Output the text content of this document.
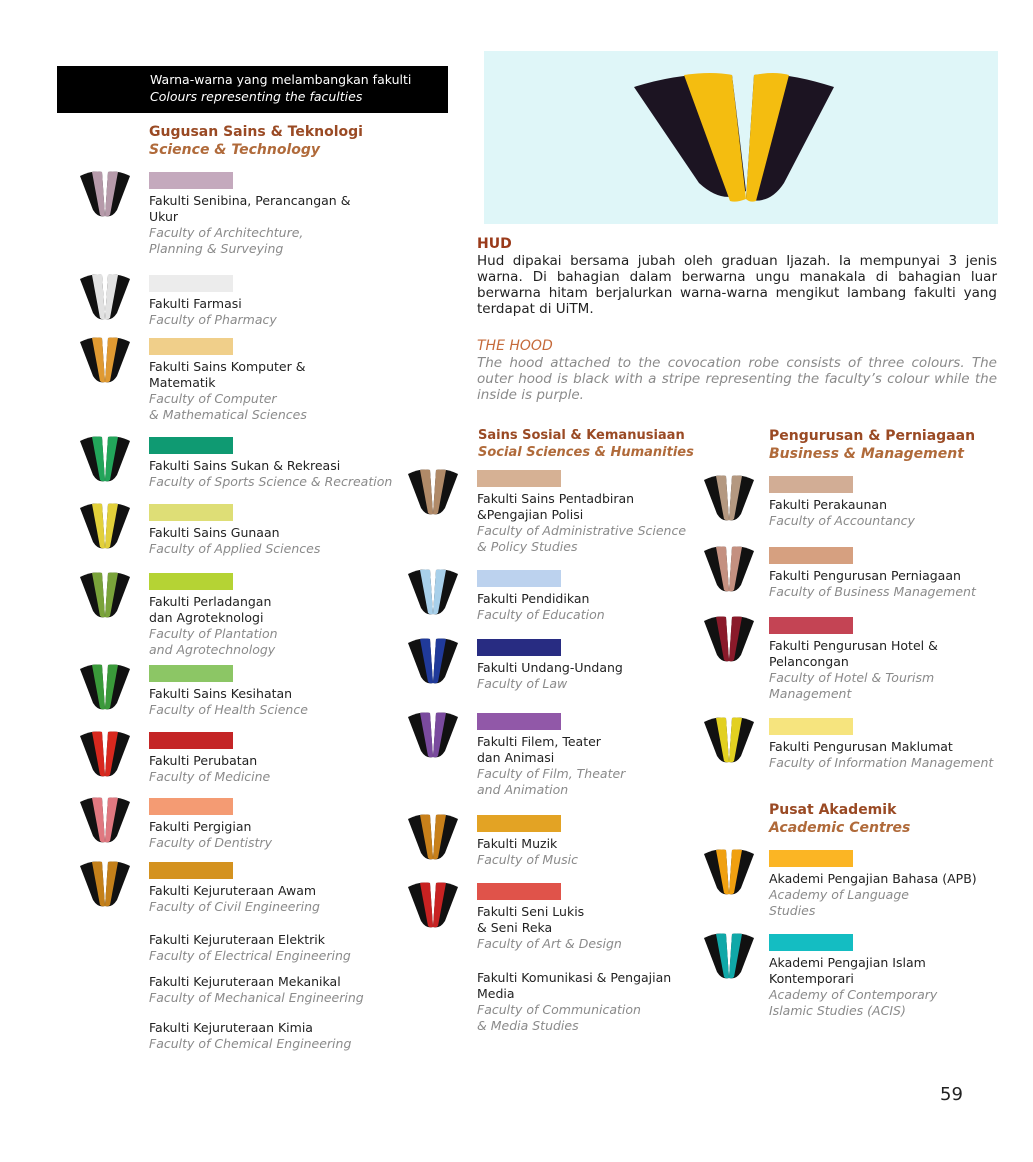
Warna-warna yang melambangkan fakulti
Colours representing the faculties
HUD
Hud dipakai bersama jubah oleh graduan Ijazah. Ia mempunyai 3 jenis warna. Di bahagian dalam berwarna ungu manakala di bahagian luar berwarna hitam berjalurkan warna-warna mengikut lambang fakulti yang terdapat di UiTM.
THE HOOD
The hood attached to the covocation robe consists of three colours. The outer hood is black with a stripe representing the faculty’s colour while the inside is purple.
Gugusan Sains & Teknologi
Science & Technology
Sains Sosial & Kemanusiaan
Social Sciences & Humanities
Pengurusan & Perniagaan
Business & Management
Pusat Akademik
Academic Centres
Fakulti Senibina, Perancangan &
Ukur
Faculty of Architechture,
Planning & Surveying
Fakulti Farmasi
Faculty of Pharmacy
Fakulti Sains Komputer &
Matematik
Faculty of Computer
& Mathematical Sciences
Fakulti Sains Sukan & Rekreasi
Faculty of Sports Science & Recreation
Fakulti Sains Gunaan
Faculty of Applied Sciences
Fakulti Perladangan
dan Agroteknologi
Faculty of Plantation
and Agrotechnology
Fakulti Sains Kesihatan
Faculty of Health Science
Fakulti Perubatan
Faculty of Medicine
Fakulti Pergigian
Faculty of Dentistry
Fakulti Kejuruteraan Awam
Faculty of Civil Engineering
Fakulti Kejuruteraan Elektrik
Faculty of Electrical Engineering
Fakulti Kejuruteraan Mekanikal
Faculty of Mechanical Engineering
Fakulti Kejuruteraan Kimia
Faculty of Chemical Engineering
Fakulti Sains Pentadbiran
&Pengajian Polisi
Faculty of Administrative Science
& Policy Studies
Fakulti Pendidikan
Faculty of Education
Fakulti Undang-Undang
Faculty of Law
Fakulti Filem, Teater
dan Animasi
Faculty of Film, Theater
and Animation
Fakulti Muzik
Faculty of Music
Fakulti Seni Lukis
& Seni Reka
Faculty of Art & Design
Fakulti Komunikasi & Pengajian
Media
Faculty of Communication
& Media Studies
Fakulti Perakaunan
Faculty of Accountancy
Fakulti Pengurusan Perniagaan
Faculty of Business Management
Fakulti Pengurusan Hotel &
Pelancongan
Faculty of Hotel & Tourism
Management
Fakulti Pengurusan Maklumat
Faculty of Information Management
Akademi Pengajian Bahasa (APB)
Academy of Language
Studies
Akademi Pengajian Islam
Kontemporari
Academy of Contemporary
Islamic Studies (ACIS)
59
